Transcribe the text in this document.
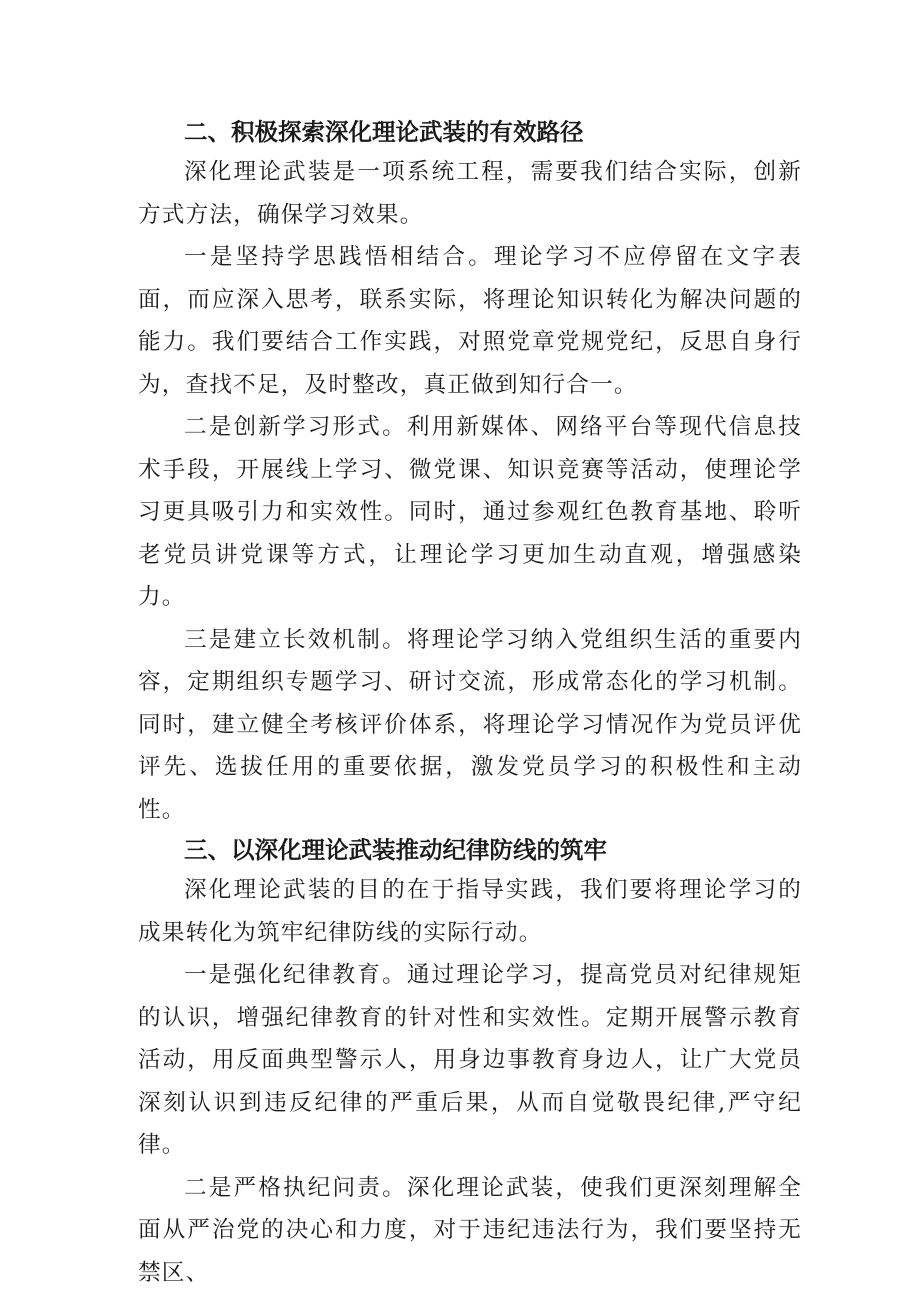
二、积极探索深化理论武装的有效路径

深化理论武装是一项系统工程，需要我们结合实际，创新方式方法，确保学习效果。

一是坚持学思践悟相结合。理论学习不应停留在文字表面，而应深入思考，联系实际，将理论知识转化为解决问题的能力。我们要结合工作实践，对照党章党规党纪，反思自身行为，查找不足，及时整改，真正做到知行合一。

二是创新学习形式。利用新媒体、网络平台等现代信息技术手段，开展线上学习、微党课、知识竞赛等活动，使理论学习更具吸引力和实效性。同时，通过参观红色教育基地、聆听老党员讲党课等方式，让理论学习更加生动直观，增强感染力。

三是建立长效机制。将理论学习纳入党组织生活的重要内容，定期组织专题学习、研讨交流，形成常态化的学习机制。同时，建立健全考核评价体系，将理论学习情况作为党员评优评先、选拔任用的重要依据，激发党员学习的积极性和主动性。

三、以深化理论武装推动纪律防线的筑牢

深化理论武装的目的在于指导实践，我们要将理论学习的成果转化为筑牢纪律防线的实际行动。

一是强化纪律教育。通过理论学习，提高党员对纪律规矩的认识，增强纪律教育的针对性和实效性。定期开展警示教育活动，用反面典型警示人，用身边事教育身边人，让广大党员深刻认识到违反纪律的严重后果，从而自觉敬畏纪律,严守纪律。

二是严格执纪问责。深化理论武装，使我们更深刻理解全面从严治党的决心和力度，对于违纪违法行为，我们要坚持无禁区、
